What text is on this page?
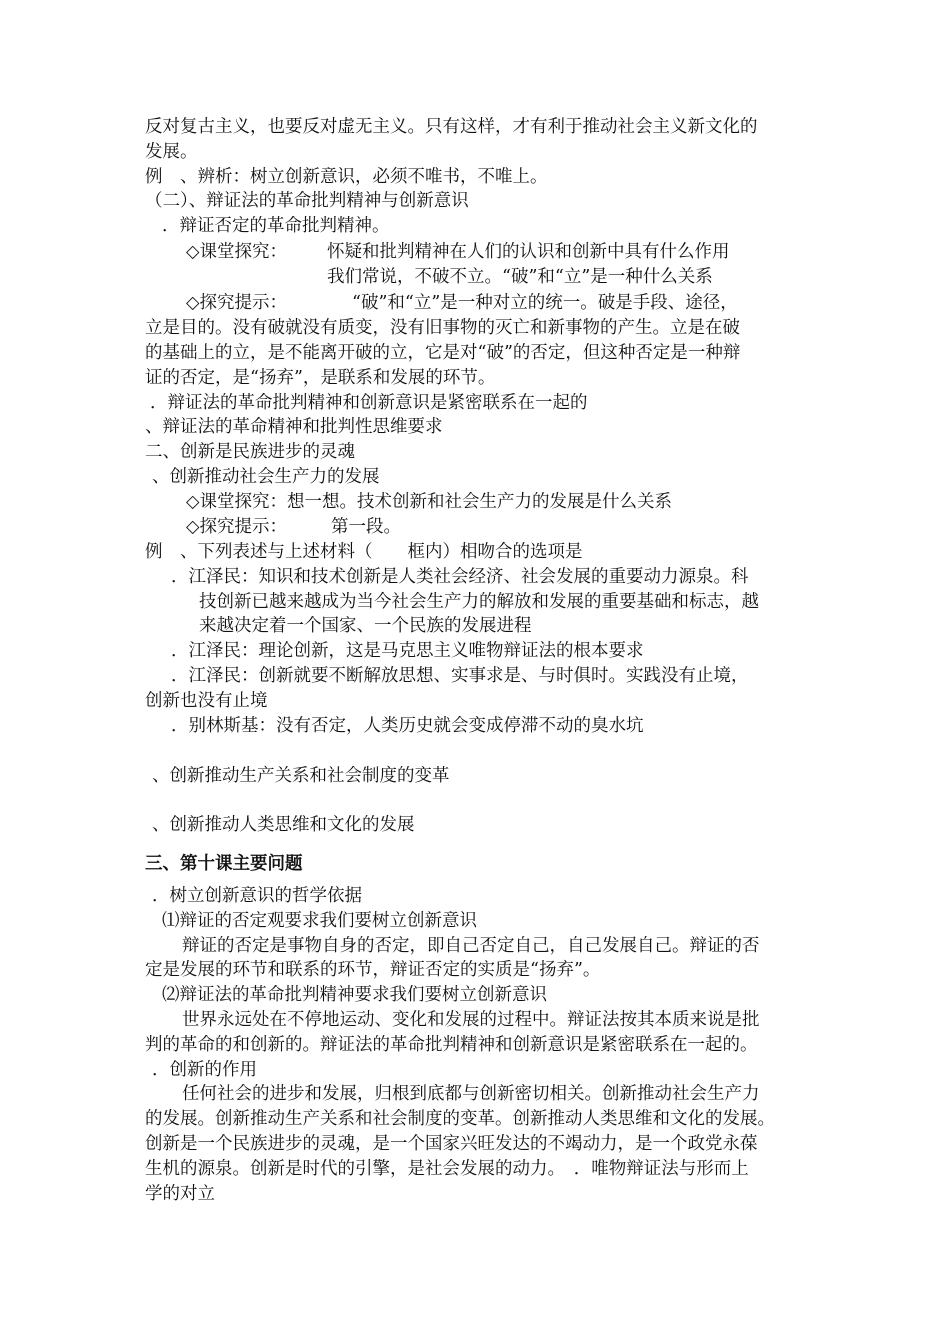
反对复古主义，也要反对虚无主义。只有这样，才有利于推动社会主义新文化的
发展。
例　、辨析：树立创新意识，必须不唯书，不唯上。
（二）、辩证法的革命批判精神与创新意识
．辩证否定的革命批判精神。
◇课堂探究： 怀疑和批判精神在人们的认识和创新中具有什么作用
我们常说，不破不立。“破”和“立”是一种什么关系
◇探究提示：	“破”和“立”是一种对立的统一。破是手段、途径，
立是目的。没有破就没有质变，没有旧事物的灭亡和新事物的产生。立是在破
的基础上的立，是不能离开破的立，它是对“破”的否定，但这种否定是一种辩
证的否定，是“扬弃”，是联系和发展的环节。
．辩证法的革命批判精神和创新意识是紧密联系在一起的
、辩证法的革命精神和批判性思维要求
二、创新是民族进步的灵魂
、创新推动社会生产力的发展
◇课堂探究：想一想。技术创新和社会生产力的发展是什么关系
◇探究提示：	第一段。
例　、下列表述与上述材料（　　框内）相吻合的选项是
．江泽民：知识和技术创新是人类社会经济、社会发展的重要动力源泉。科
技创新已越来越成为当今社会生产力的解放和发展的重要基础和标志，越
来越决定着一个国家、一个民族的发展进程
．江泽民：理论创新，这是马克思主义唯物辩证法的根本要求
．江泽民：创新就要不断解放思想、实事求是、与时俱时。实践没有止境，
创新也没有止境
．别林斯基：没有否定，人类历史就会变成停滞不动的臭水坑
、创新推动生产关系和社会制度的变革
、创新推动人类思维和文化的发展
三、第十课主要问题
．树立创新意识的哲学依据
⑴辩证的否定观要求我们要树立创新意识
辩证的否定是事物自身的否定，即自己否定自己，自己发展自己。辩证的否
定是发展的环节和联系的环节，辩证否定的实质是“扬弃”。
⑵辩证法的革命批判精神要求我们要树立创新意识
世界永远处在不停地运动、变化和发展的过程中。辩证法按其本质来说是批
判的革命的和创新的。辩证法的革命批判精神和创新意识是紧密联系在一起的。
．创新的作用
任何社会的进步和发展，归根到底都与创新密切相关。创新推动社会生产力
的发展。创新推动生产关系和社会制度的变革。创新推动人类思维和文化的发展。
创新是一个民族进步的灵魂，是一个国家兴旺发达的不竭动力，是一个政党永葆
生机的源泉。创新是时代的引擎，是社会发展的动力。　．唯物辩证法与形而上
学的对立
